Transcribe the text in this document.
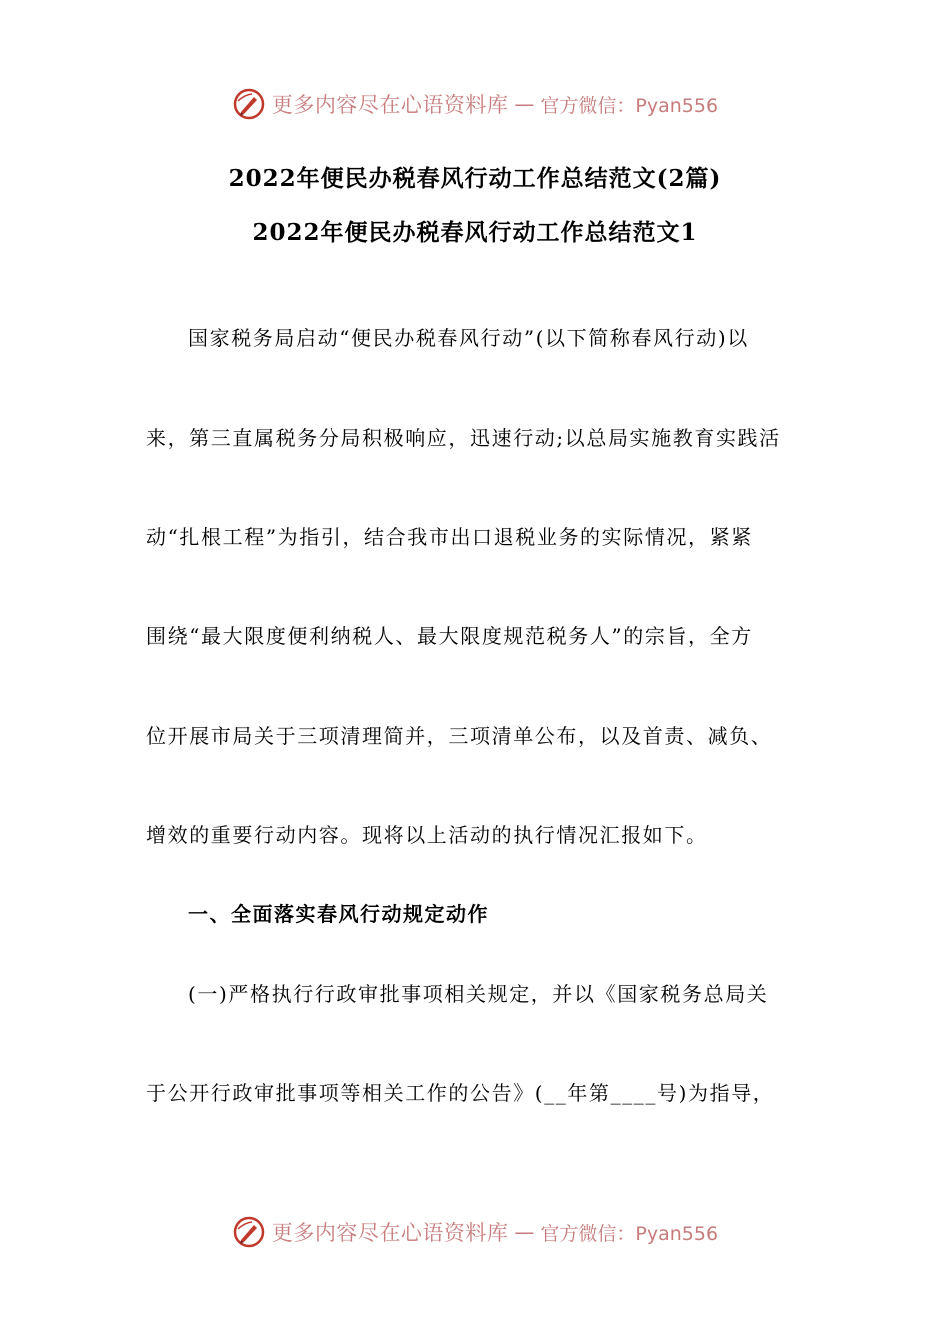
更多内容尽在心语资料库 — 官方微信：Pyan556
2022年便民办税春风行动工作总结范文(2篇)
2022年便民办税春风行动工作总结范文1
国家税务局启动“便民办税春风行动”(以下简称春风行动)以
来，第三直属税务分局积极响应，迅速行动;以总局实施教育实践活
动“扎根工程”为指引，结合我市出口退税业务的实际情况，紧紧
围绕“最大限度便利纳税人、最大限度规范税务人”的宗旨，全方
位开展市局关于三项清理简并，三项清单公布，以及首责、减负、
增效的重要行动内容。现将以上活动的执行情况汇报如下。
一、全面落实春风行动规定动作
(一)严格执行行政审批事项相关规定，并以《国家税务总局关
于公开行政审批事项等相关工作的公告》(__年第____号)为指导，
更多内容尽在心语资料库 — 官方微信：Pyan556
